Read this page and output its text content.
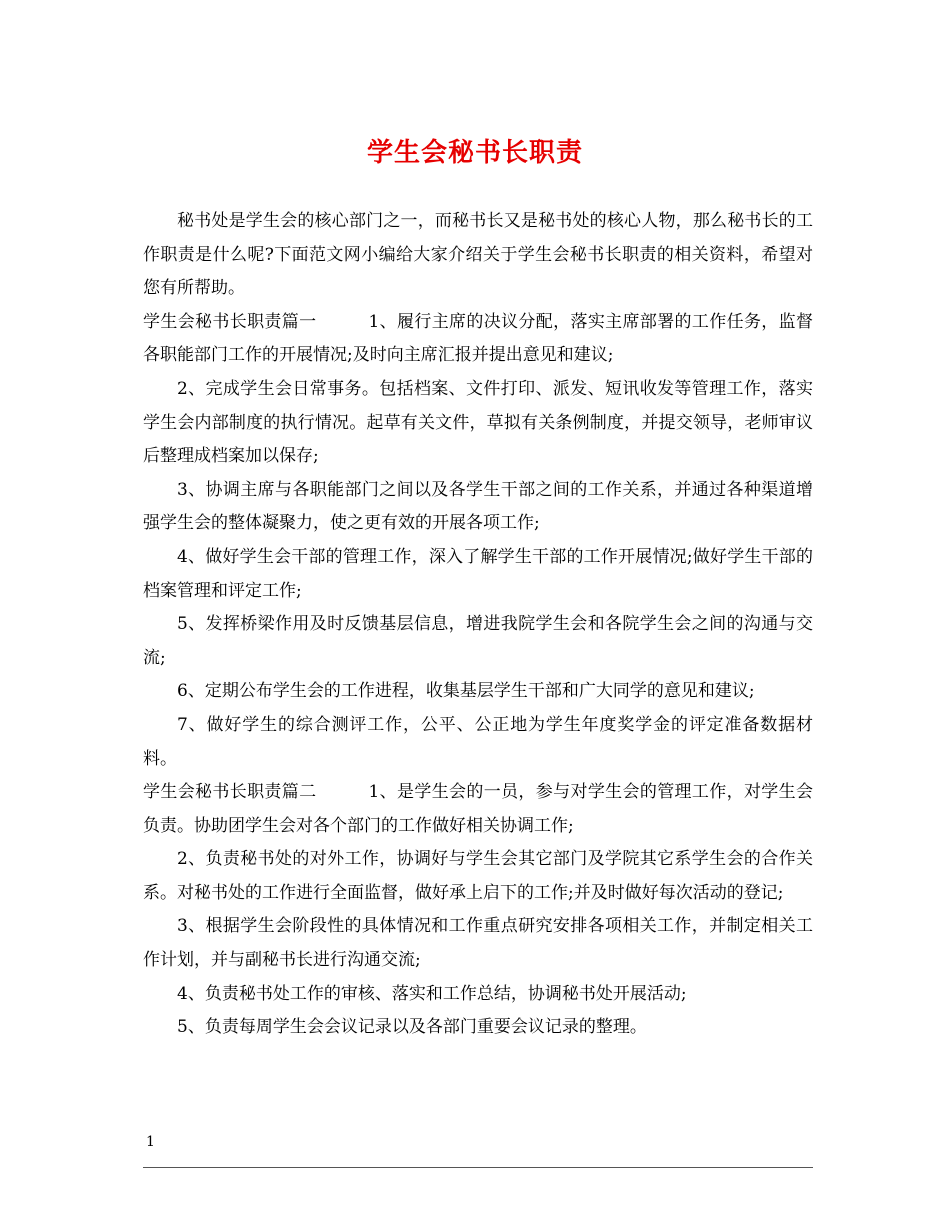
学生会秘书长职责

秘书处是学生会的核心部门之一，而秘书长又是秘书处的核心人物，那么秘书长的工作职责是什么呢?下面范文网小编给大家介绍关于学生会秘书长职责的相关资料，希望对您有所帮助。

学生会秘书长职责篇一	1、履行主席的决议分配，落实主席部署的工作任务，监督各职能部门工作的开展情况;及时向主席汇报并提出意见和建议;

2、完成学生会日常事务。包括档案、文件打印、派发、短讯收发等管理工作，落实学生会内部制度的执行情况。起草有关文件，草拟有关条例制度，并提交领导，老师审议后整理成档案加以保存;

3、协调主席与各职能部门之间以及各学生干部之间的工作关系，并通过各种渠道增强学生会的整体凝聚力，使之更有效的开展各项工作;

4、做好学生会干部的管理工作，深入了解学生干部的工作开展情况;做好学生干部的档案管理和评定工作;

5、发挥桥梁作用及时反馈基层信息，增进我院学生会和各院学生会之间的沟通与交流;

6、定期公布学生会的工作进程，收集基层学生干部和广大同学的意见和建议;

7、做好学生的综合测评工作，公平、公正地为学生年度奖学金的评定准备数据材料。

学生会秘书长职责篇二	1、是学生会的一员，参与对学生会的管理工作，对学生会负责。协助团学生会对各个部门的工作做好相关协调工作;

2、负责秘书处的对外工作，协调好与学生会其它部门及学院其它系学生会的合作关系。对秘书处的工作进行全面监督，做好承上启下的工作;并及时做好每次活动的登记;

3、根据学生会阶段性的具体情况和工作重点研究安排各项相关工作，并制定相关工作计划，并与副秘书长进行沟通交流;

4、负责秘书处工作的审核、落实和工作总结，协调秘书处开展活动;

5、负责每周学生会会议记录以及各部门重要会议记录的整理。

1
